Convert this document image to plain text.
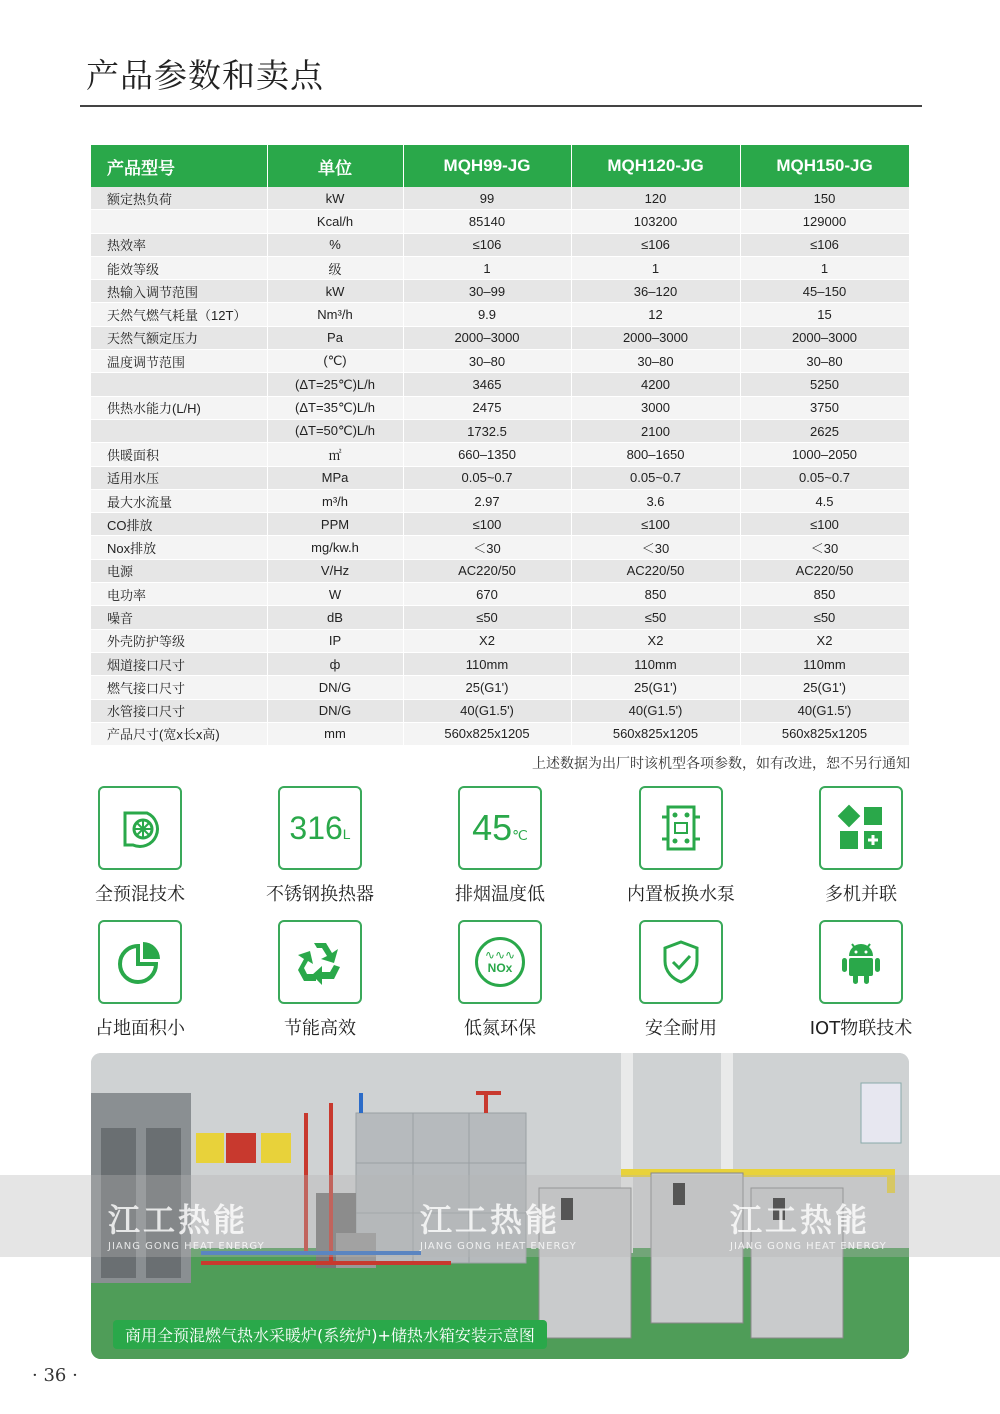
产品参数和卖点
产品型号	单位	MQH99-JG	MQH120-JG	MQH150-JG
额定热负荷	kW	99	120	150
	Kcal/h	85140	103200	129000
热效率	%	≤106	≤106	≤106
能效等级	级	1	1	1
热输入调节范围	kW	30–99	36–120	45–150
天然气燃气耗量（12T）	Nm³/h	9.9	12	15
天然气额定压力	Pa	2000–3000	2000–3000	2000–3000
温度调节范围	(℃)	30–80	30–80	30–80
	(ΔT=25℃)L/h	3465	4200	5250
供热水能力(L/H)	(ΔT=35℃)L/h	2475	3000	3750
	(ΔT=50℃)L/h	1732.5	2100	2625
供暖面积	㎡	660–1350	800–1650	1000–2050
适用水压	MPa	0.05~0.7	0.05~0.7	0.05~0.7
最大水流量	m³/h	2.97	3.6	4.5
CO排放	PPM	≤100	≤100	≤100
Nox排放	mg/kw.h	＜30	＜30	＜30
电源	V/Hz	AC220/50	AC220/50	AC220/50
电功率	W	670	850	850
噪音	dB	≤50	≤50	≤50
外壳防护等级	IP	X2	X2	X2
烟道接口尺寸	ф	110mm	110mm	110mm
燃气接口尺寸	DN/G	25(G1')	25(G1')	25(G1')
水管接口尺寸	DN/G	40(G1.5')	40(G1.5')	40(G1.5')
产品尺寸(宽x长x高)	mm	560x825x1205	560x825x1205	560x825x1205
上述数据为出厂时该机型各项参数，如有改进，恕不另行通知
全预混技术
316L
不锈钢换热器
45℃
排烟温度低	内置板换水泵	多机并联
占地面积小	节能高效
∿∿∿
NOx
低氮环保	安全耐用	IOT物联技术
商用全预混燃气热水采暖炉(系统炉)+储热水箱安装示意图
江工热能
JIANG GONG HEAT ENERGY
江工热能
JIANG GONG HEAT ENERGY
江工热能
JIANG GONG HEAT ENERGY
· 36 ·
